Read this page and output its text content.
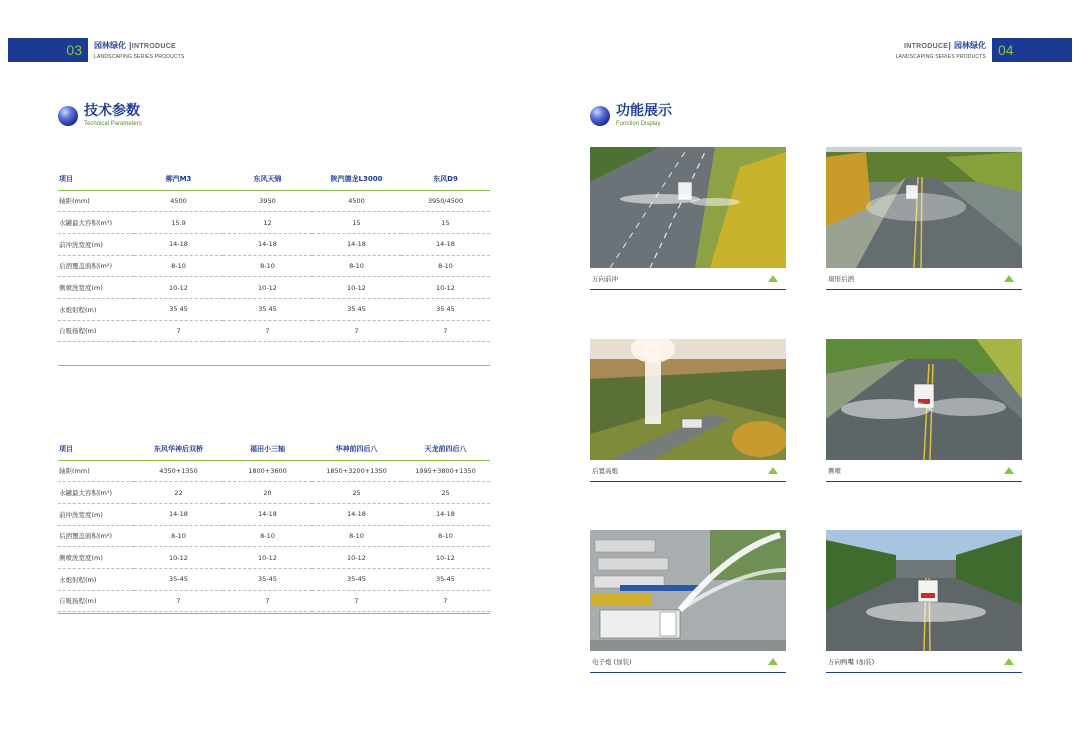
03 园林绿化 |INTRODUCE
LANDSCAPING SERIES PRODUCTS
INTRODUCE| 园林绿化
LANDSCAPING SERIES PRODUCTS 04
技术参数
Technical Parameters
功能展示
Function Display
项目	柳汽M3	东风天锦	陕汽德龙L3000	东风D9
轴距(mm)	4500	3950	4500	3950/4500
水罐最大容积(m³)	15.9	12	15	15
前冲洗宽度(m)	14-18	14-18	14-18	14-18
后洒覆盖面积(m²)	8-10	8-10	8-10	8-10
侧喷洗宽度(m)	10-12	10-12	10-12	10-12
水炮射程(m)	35 45	35 45	35 45	35 45
自吸扬程(m)	7	7	7	7
项目	东风华神后双桥	福田小三轴	华神前四后八	天龙前四后八
轴距(mm)	4350+1350	1800+3600	1850+3200+1350	1995+3800+1350
水罐最大容积(m³)	22	20	25	25
前冲洗宽度(m)	14-18	14-18	14-18	14-18
后洒覆盖面积(m²)	8-10	8-10	8-10	8-10
侧喷洗宽度(m)	10-12	10-12	10-12	10-12
水炮射程(m)	35-45	35-45	35-45	35-45
自吸扬程(m)	7	7	7	7
万向前冲	扇形后洒
后置高炮	侧喷
电子炮 (加装)	万向鸭嘴 (加装)
